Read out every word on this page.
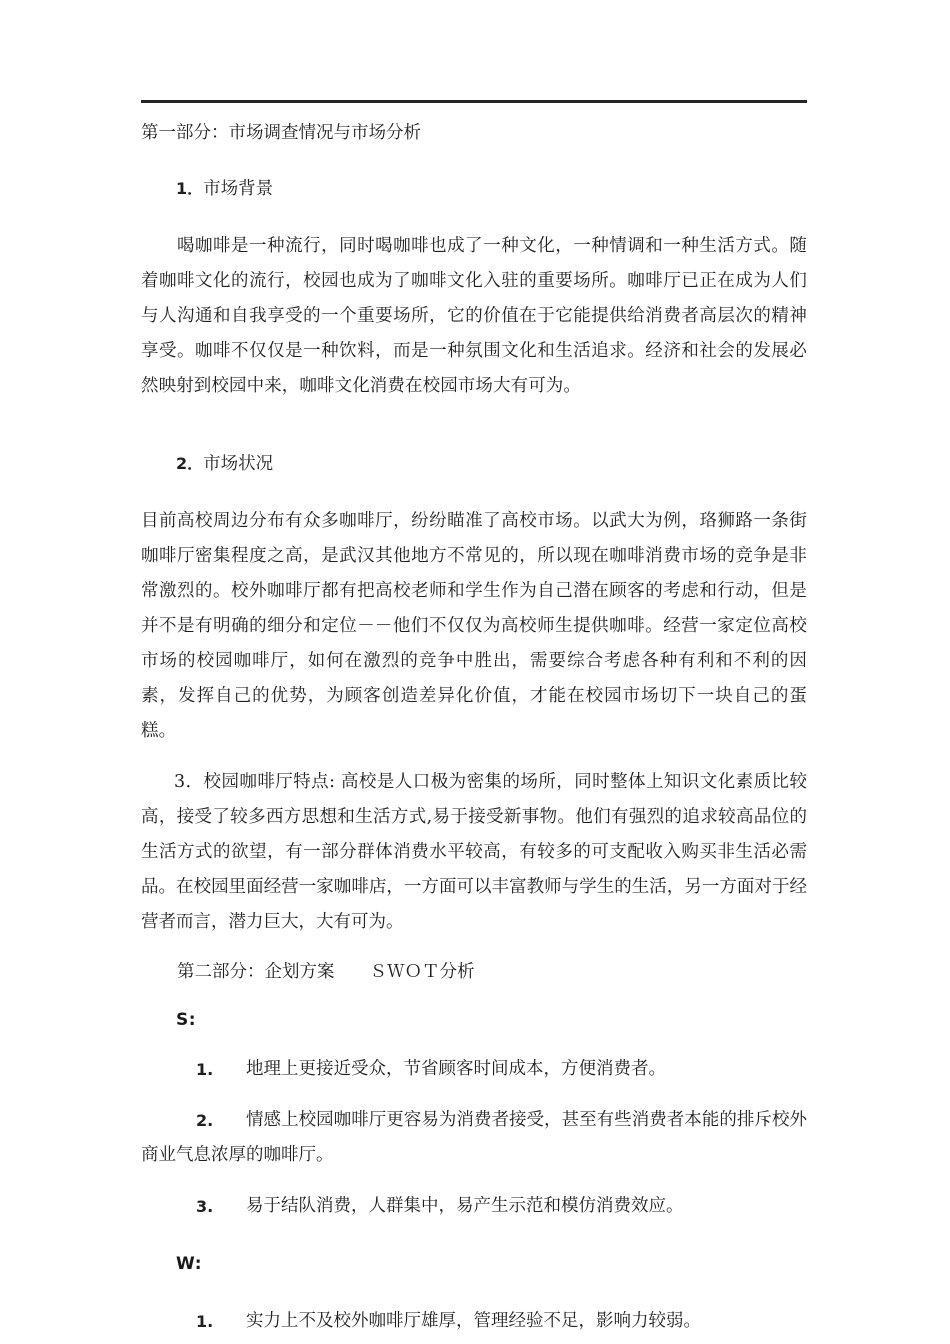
第一部分：市场调查情况与市场分析

1．市场背景

喝咖啡是一种流行，同时喝咖啡也成了一种文化，一种情调和一种生活方式。随着咖啡文化的流行，校园也成为了咖啡文化入驻的重要场所。咖啡厅已正在成为人们与人沟通和自我享受的一个重要场所，它的价值在于它能提供给消费者高层次的精神享受。咖啡不仅仅是一种饮料，而是一种氛围文化和生活追求。经济和社会的发展必然映射到校园中来，咖啡文化消费在校园市场大有可为。

2．市场状况

目前高校周边分布有众多咖啡厅，纷纷瞄准了高校市场。以武大为例，珞狮路一条街咖啡厅密集程度之高，是武汉其他地方不常见的，所以现在咖啡消费市场的竞争是非常激烈的。校外咖啡厅都有把高校老师和学生作为自己潜在顾客的考虑和行动，但是并不是有明确的细分和定位－－他们不仅仅为高校师生提供咖啡。经营一家定位高校市场的校园咖啡厅，如何在激烈的竞争中胜出，需要综合考虑各种有利和不利的因素，发挥自己的优势，为顾客创造差异化价值，才能在校园市场切下一块自己的蛋糕。

3．校园咖啡厅特点: 高校是人口极为密集的场所，同时整体上知识文化素质比较高，接受了较多西方思想和生活方式,易于接受新事物。他们有强烈的追求较高品位的生活方式的欲望，有一部分群体消费水平较高，有较多的可支配收入购买非生活必需品。在校园里面经营一家咖啡店，一方面可以丰富教师与学生的生活，另一方面对于经营者而言，潜力巨大，大有可为。

第二部分：企划方案　　ＳＷＯＴ分析

S:

1.	地理上更接近受众，节省顾客时间成本，方便消费者。

2.	情感上校园咖啡厅更容易为消费者接受，甚至有些消费者本能的排斥校外商业气息浓厚的咖啡厅。

3.	易于结队消费，人群集中，易产生示范和模仿消费效应。

W:

1.	实力上不及校外咖啡厅雄厚，管理经验不足，影响力较弱。
